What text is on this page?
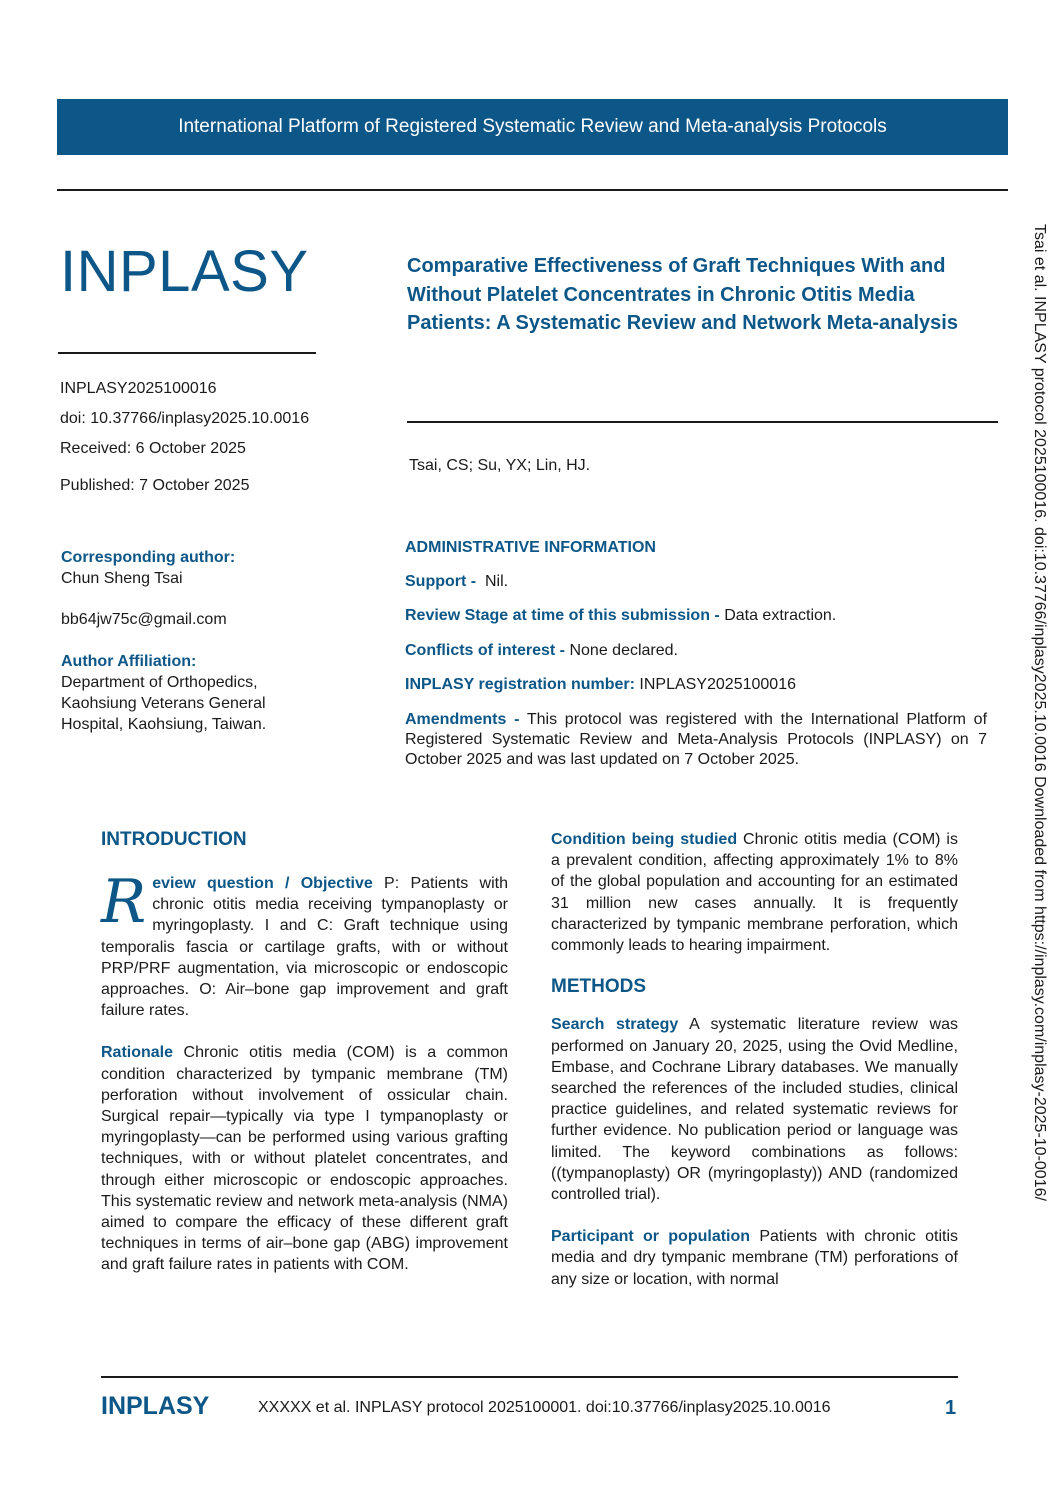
International Platform of Registered Systematic Review and Meta-analysis Protocols
INPLASY	Comparative Effectiveness of Graft Techniques With and Without Platelet Concentrates in Chronic Otitis Media Patients: A Systematic Review and Network Meta-analysis
INPLASY2025100016
doi: 10.37766/inplasy2025.10.0016
Received: 6 October 2025
Published: 7 October 2025
Tsai, CS; Su, YX; Lin, HJ.
Corresponding author:
Chun Sheng Tsai
bb64jw75c@gmail.com
Author Affiliation:
Department of Orthopedics, Kaohsiung Veterans General Hospital, Kaohsiung, Taiwan.
ADMINISTRATIVE INFORMATION
Support - Nil.
Review Stage at time of this submission - Data extraction.
Conflicts of interest - None declared.
INPLASY registration number: INPLASY2025100016
Amendments - This protocol was registered with the International Platform of Registered Systematic Review and Meta-Analysis Protocols (INPLASY) on 7 October 2025 and was last updated on 7 October 2025.
INTRODUCTION

R eview question / Objective P: Patients with chronic otitis media receiving tympanoplasty or myringoplasty. I and C: Graft technique using temporalis fascia or cartilage grafts, with or without PRP/PRF augmentation, via microscopic or endoscopic approaches. O: Air–bone gap improvement and graft failure rates.

Rationale Chronic otitis media (COM) is a common condition characterized by tympanic membrane (TM) perforation without involvement of ossicular chain. Surgical repair—typically via type I tympanoplasty or myringoplasty—can be performed using various grafting techniques, with or without platelet concentrates, and through either microscopic or endoscopic approaches. This systematic review and network meta-analysis (NMA) aimed to compare the efficacy of these different graft techniques in terms of air–bone gap (ABG) improvement and graft failure rates in patients with COM.

Condition being studied Chronic otitis media (COM) is a prevalent condition, affecting approximately 1% to 8% of the global population and accounting for an estimated 31 million new cases annually. It is frequently characterized by tympanic membrane perforation, which commonly leads to hearing impairment.

METHODS

Search strategy A systematic literature review was performed on January 20, 2025, using the Ovid Medline, Embase, and Cochrane Library databases. We manually searched the references of the included studies, clinical practice guidelines, and related systematic reviews for further evidence. No publication period or language was limited. The keyword combinations as follows: ((tympanoplasty) OR (myringoplasty)) AND (randomized controlled trial).

Participant or population Patients with chronic otitis media and dry tympanic membrane (TM) perforations of any size or location, with normal

Tsai et al. INPLASY protocol 2025100016. doi:10.37766/inplasy2025.10.0016 Downloaded from https://inplasy.com/inplasy-2025-10-0016/
INPLASY	XXXXX et al. INPLASY protocol 2025100001. doi:10.37766/inplasy2025.10.0016	1
